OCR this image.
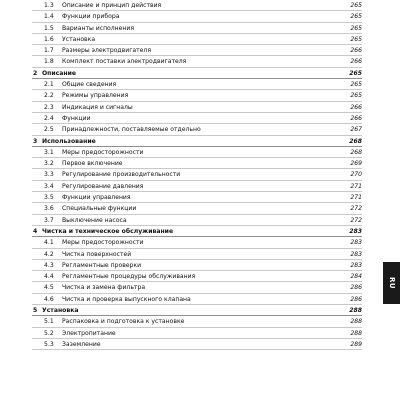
1.3 Описание и принцип действия	265
1.4 Функции прибора	265
1.5 Варианты исполнения	265
1.6 Установка	265
1.7 Размеры электродвигателя	266
1.8 Комплект поставки электродвигателя	266
2 Описание	265
2.1 Общие сведения	265
2.2 Режимы управления	265
2.3 Индикация и сигналы	266
2.4 Функции	266
2.5 Принадлежности, поставляемые отдельно	267
3 Использование	268
3.1 Меры предосторожности	268
3.2 Первое включение	269
3.3 Регулирование производительности	270
3.4 Регулирование давления	271
3.5 Функции управления	271
3.6 Специальные функции	272
3.7 Выключение насоса	272
4 Чистка и техническое обслуживание	283
4.1 Меры предосторожности	283
4.2 Чистка поверхностей	283
4.3 Регламентные проверки	283
4.4 Регламентные процедуры обслуживания	284
4.5 Чистка и замена фильтра	286
4.6 Чистка и проверка выпускного клапана	286
5 Установка	288
5.1 Распаковка и подготовка к установке	288
5.2 Электропитание	288
5.3 Заземление	289
RU
